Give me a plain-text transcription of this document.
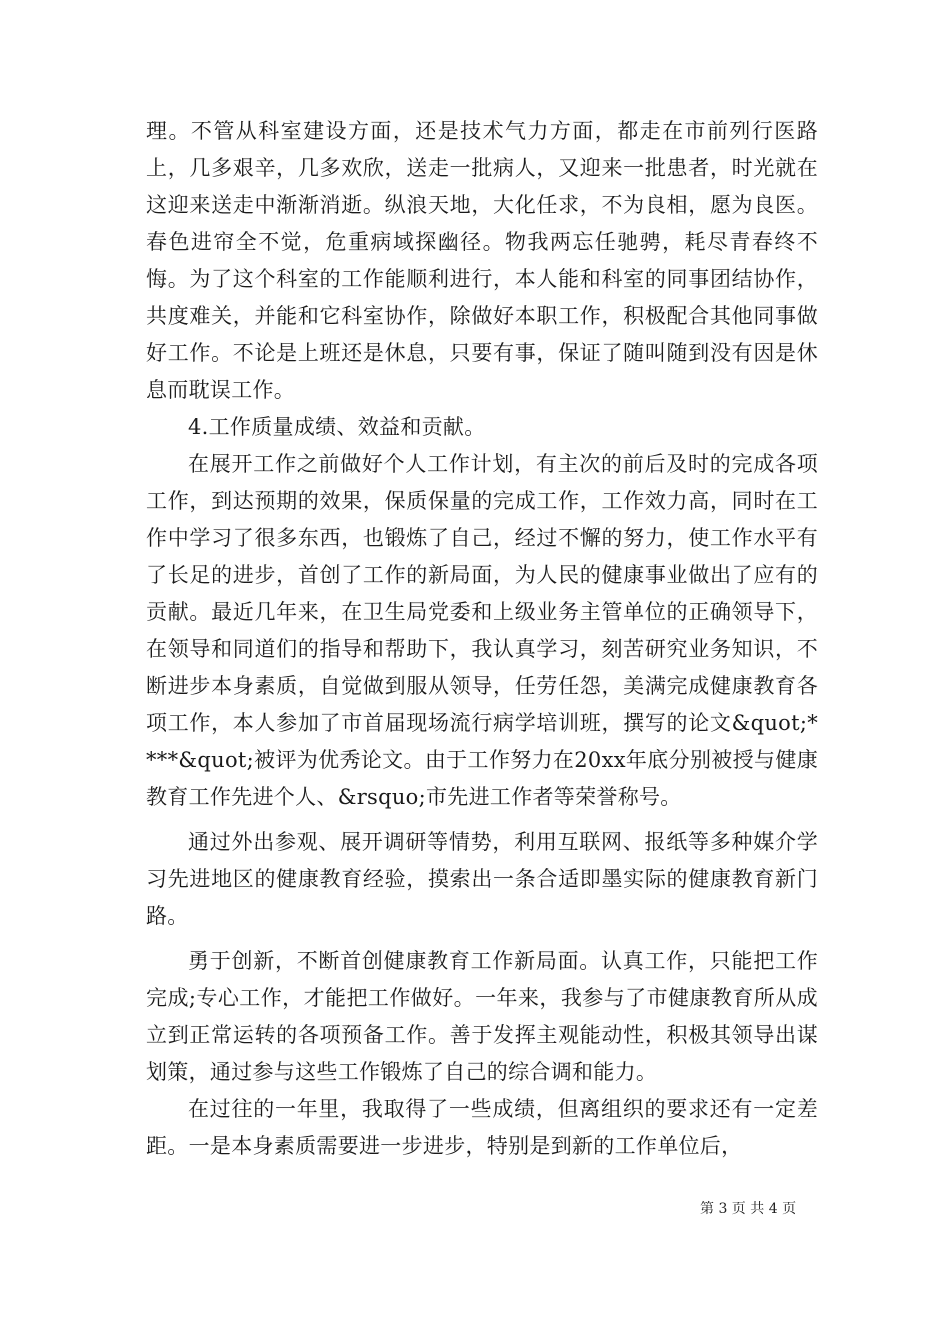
理。不管从科室建设方面，还是技术气力方面，都走在市前列行医路上，几多艰辛，几多欢欣，送走一批病人，又迎来一批患者，时光就在这迎来送走中渐渐消逝。纵浪天地，大化任求，不为良相，愿为良医。春色进帘全不觉，危重病域探幽径。物我两忘任驰骋，耗尽青春终不悔。为了这个科室的工作能顺利进行，本人能和科室的同事团结协作，共度难关，并能和它科室协作，除做好本职工作，积极配合其他同事做好工作。不论是上班还是休息，只要有事，保证了随叫随到没有因是休息而耽误工作。

4.工作质量成绩、效益和贡献。

在展开工作之前做好个人工作计划，有主次的前后及时的完成各项工作，到达预期的效果，保质保量的完成工作，工作效力高，同时在工作中学习了很多东西，也锻炼了自己，经过不懈的努力，使工作水平有了长足的进步，首创了工作的新局面，为人民的健康事业做出了应有的贡献。最近几年来，在卫生局党委和上级业务主管单位的正确领导下，在领导和同道们的指导和帮助下，我认真学习，刻苦研究业务知识，不断进步本身素质，自觉做到服从领导，任劳任怨，美满完成健康教育各项工作，本人参加了市首届现场流行病学培训班，撰写的论文&quot;****&quot;被评为优秀论文。由于工作努力在20xx年底分别被授与健康教育工作先进个人、&rsquo;市先进工作者等荣誉称号。

通过外出参观、展开调研等情势，利用互联网、报纸等多种媒介学习先进地区的健康教育经验，摸索出一条合适即墨实际的健康教育新门路。

勇于创新，不断首创健康教育工作新局面。认真工作，只能把工作完成;专心工作，才能把工作做好。一年来，我参与了市健康教育所从成立到正常运转的各项预备工作。善于发挥主观能动性，积极其领导出谋划策，通过参与这些工作锻炼了自己的综合调和能力。

在过往的一年里，我取得了一些成绩，但离组织的要求还有一定差距。一是本身素质需要进一步进步，特别是到新的工作单位后，

第 3 页 共 4 页
